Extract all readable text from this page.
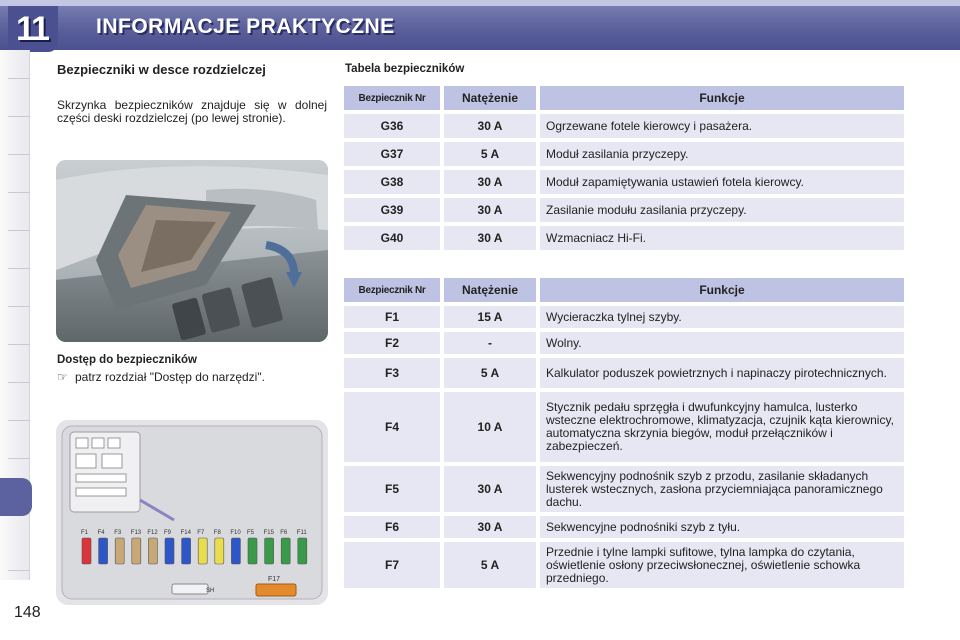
11 INFORMACJE PRAKTYCZNE
148
Bezpieczniki w desce rozdzielczej
Skrzynka bezpieczników znajduje się w dolnej części deski rozdzielczej (po lewej stronie).
Dostęp do bezpieczników
☞ patrz rozdział "Dostęp do narzędzi".
F1 F4 F3 F13 F12 F9 F14 F7 F8 F10 F5 F15 F6 F11
F17
SH
Tabela bezpieczników
Bezpiecznik Nr		Natężenie		Funkcje
G36		30 A		Ogrzewane fotele kierowcy i pasażera.
G37		5 A		Moduł zasilania przyczepy.
G38		30 A		Moduł zapamiętywania ustawień fotela kierowcy.
G39		30 A		Zasilanie modułu zasilania przyczepy.
G40		30 A		Wzmacniacz Hi-Fi.
Bezpiecznik Nr		Natężenie		Funkcje
F1		15 A		Wycieraczka tylnej szyby.
F2		-		Wolny.
F3		5 A		Kalkulator poduszek powietrznych i napinaczy pirotechnicznych.
F4		10 A		Stycznik pedału sprzęgła i dwufunkcyjny hamulca, lusterko wsteczne elektrochromowe, klimatyzacja, czujnik kąta kierownicy, automatyczna skrzynia biegów, moduł przełączników i zabezpieczeń.
F5		30 A		Sekwencyjny podnośnik szyb z przodu, zasilanie składanych lusterek wstecznych, zasłona przyciemniająca panoramicznego dachu.
F6		30 A		Sekwencyjne podnośniki szyb z tyłu.
F7		5 A		Przednie i tylne lampki sufitowe, tylna lampka do czytania, oświetlenie osłony przeciwsłonecznej, oświetlenie schowka przedniego.
